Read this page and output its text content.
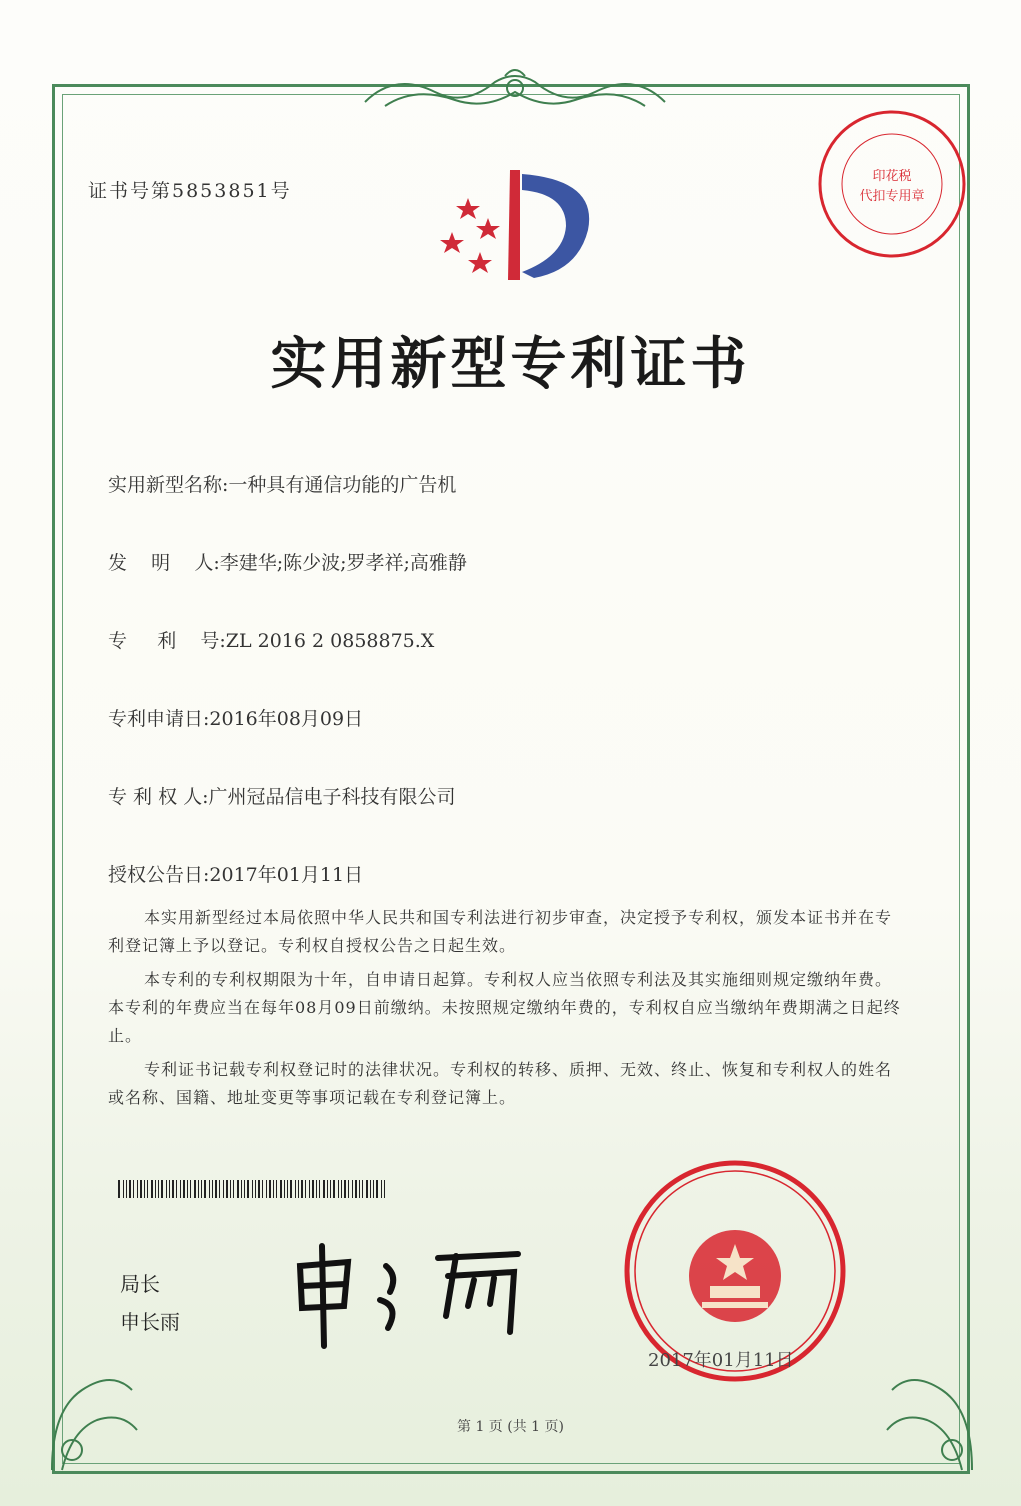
证书号第5853851号
印花税
代扣专用章
实用新型专利证书
实用新型名称:一种具有通信功能的广告机
发    明    人:李建华;陈少波;罗孝祥;高雅静
专     利    号:ZL 2016 2 0858875.X
专利申请日:2016年08月09日
专 利 权 人:广州冠品信电子科技有限公司
授权公告日:2017年01月11日

本实用新型经过本局依照中华人民共和国专利法进行初步审查，决定授予专利权，颁发本证书并在专利登记簿上予以登记。专利权自授权公告之日起生效。

本专利的专利权期限为十年，自申请日起算。专利权人应当依照专利法及其实施细则规定缴纳年费。本专利的年费应当在每年08月09日前缴纳。未按照规定缴纳年费的，专利权自应当缴纳年费期满之日起终止。

专利证书记载专利权登记时的法律状况。专利权的转移、质押、无效、终止、恢复和专利权人的姓名或名称、国籍、地址变更等事项记载在专利登记簿上。

局长
申长雨
2017年01月11日
第 1 页 (共 1 页)
